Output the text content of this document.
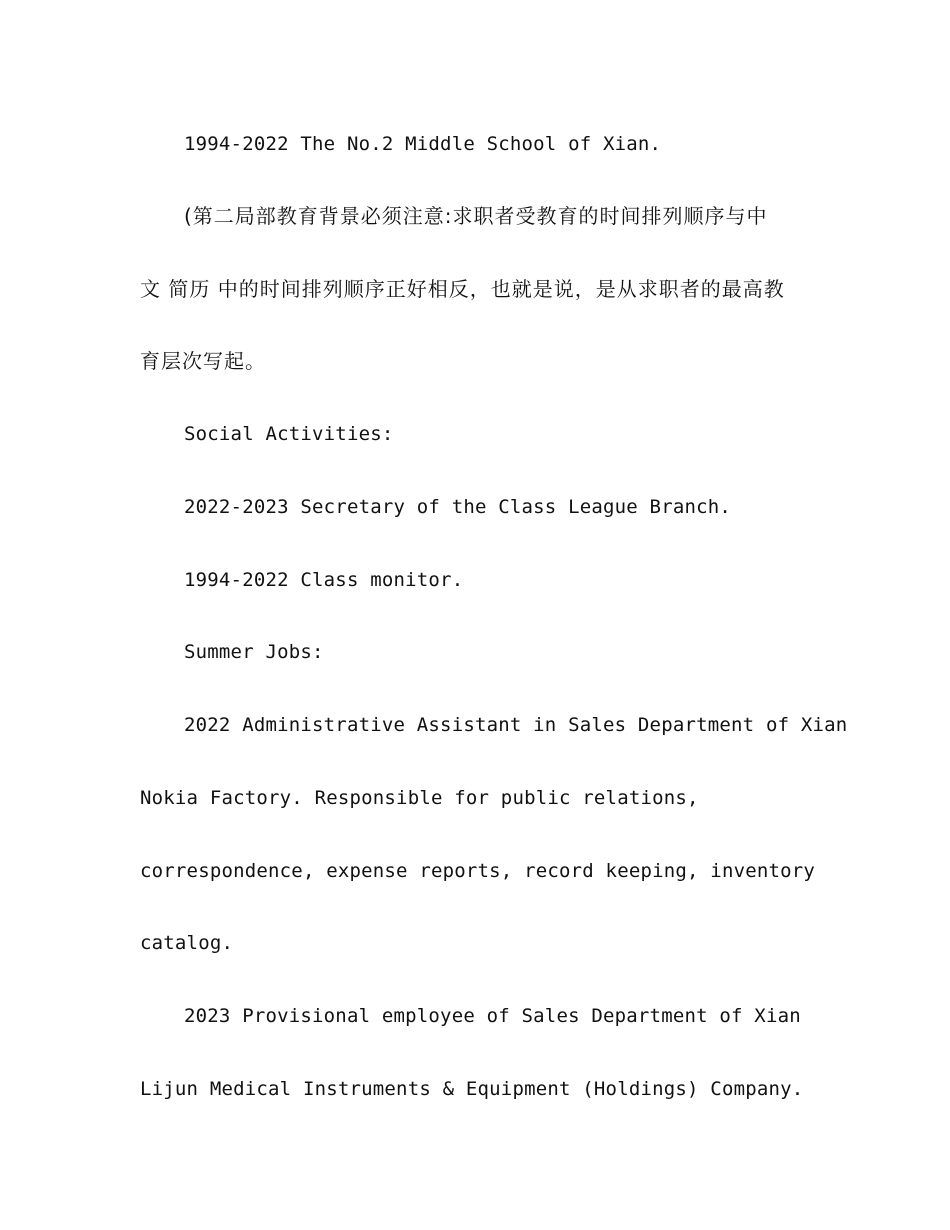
1994-2022 The No.2 Middle School of Xian.
(第二局部教育背景必须注意:求职者受教育的时间排列顺序与中
文 简历 中的时间排列顺序正好相反，也就是说，是从求职者的最高教
育层次写起。
Social Activities:
2022-2023 Secretary of the Class League Branch.
1994-2022 Class monitor.
Summer Jobs:
2022 Administrative Assistant in Sales Department of Xian
Nokia Factory. Responsible for public relations,
correspondence, expense reports, record keeping, inventory
catalog.
2023 Provisional employee of Sales Department of Xian
Lijun Medical Instruments & Equipment (Holdings) Company.
